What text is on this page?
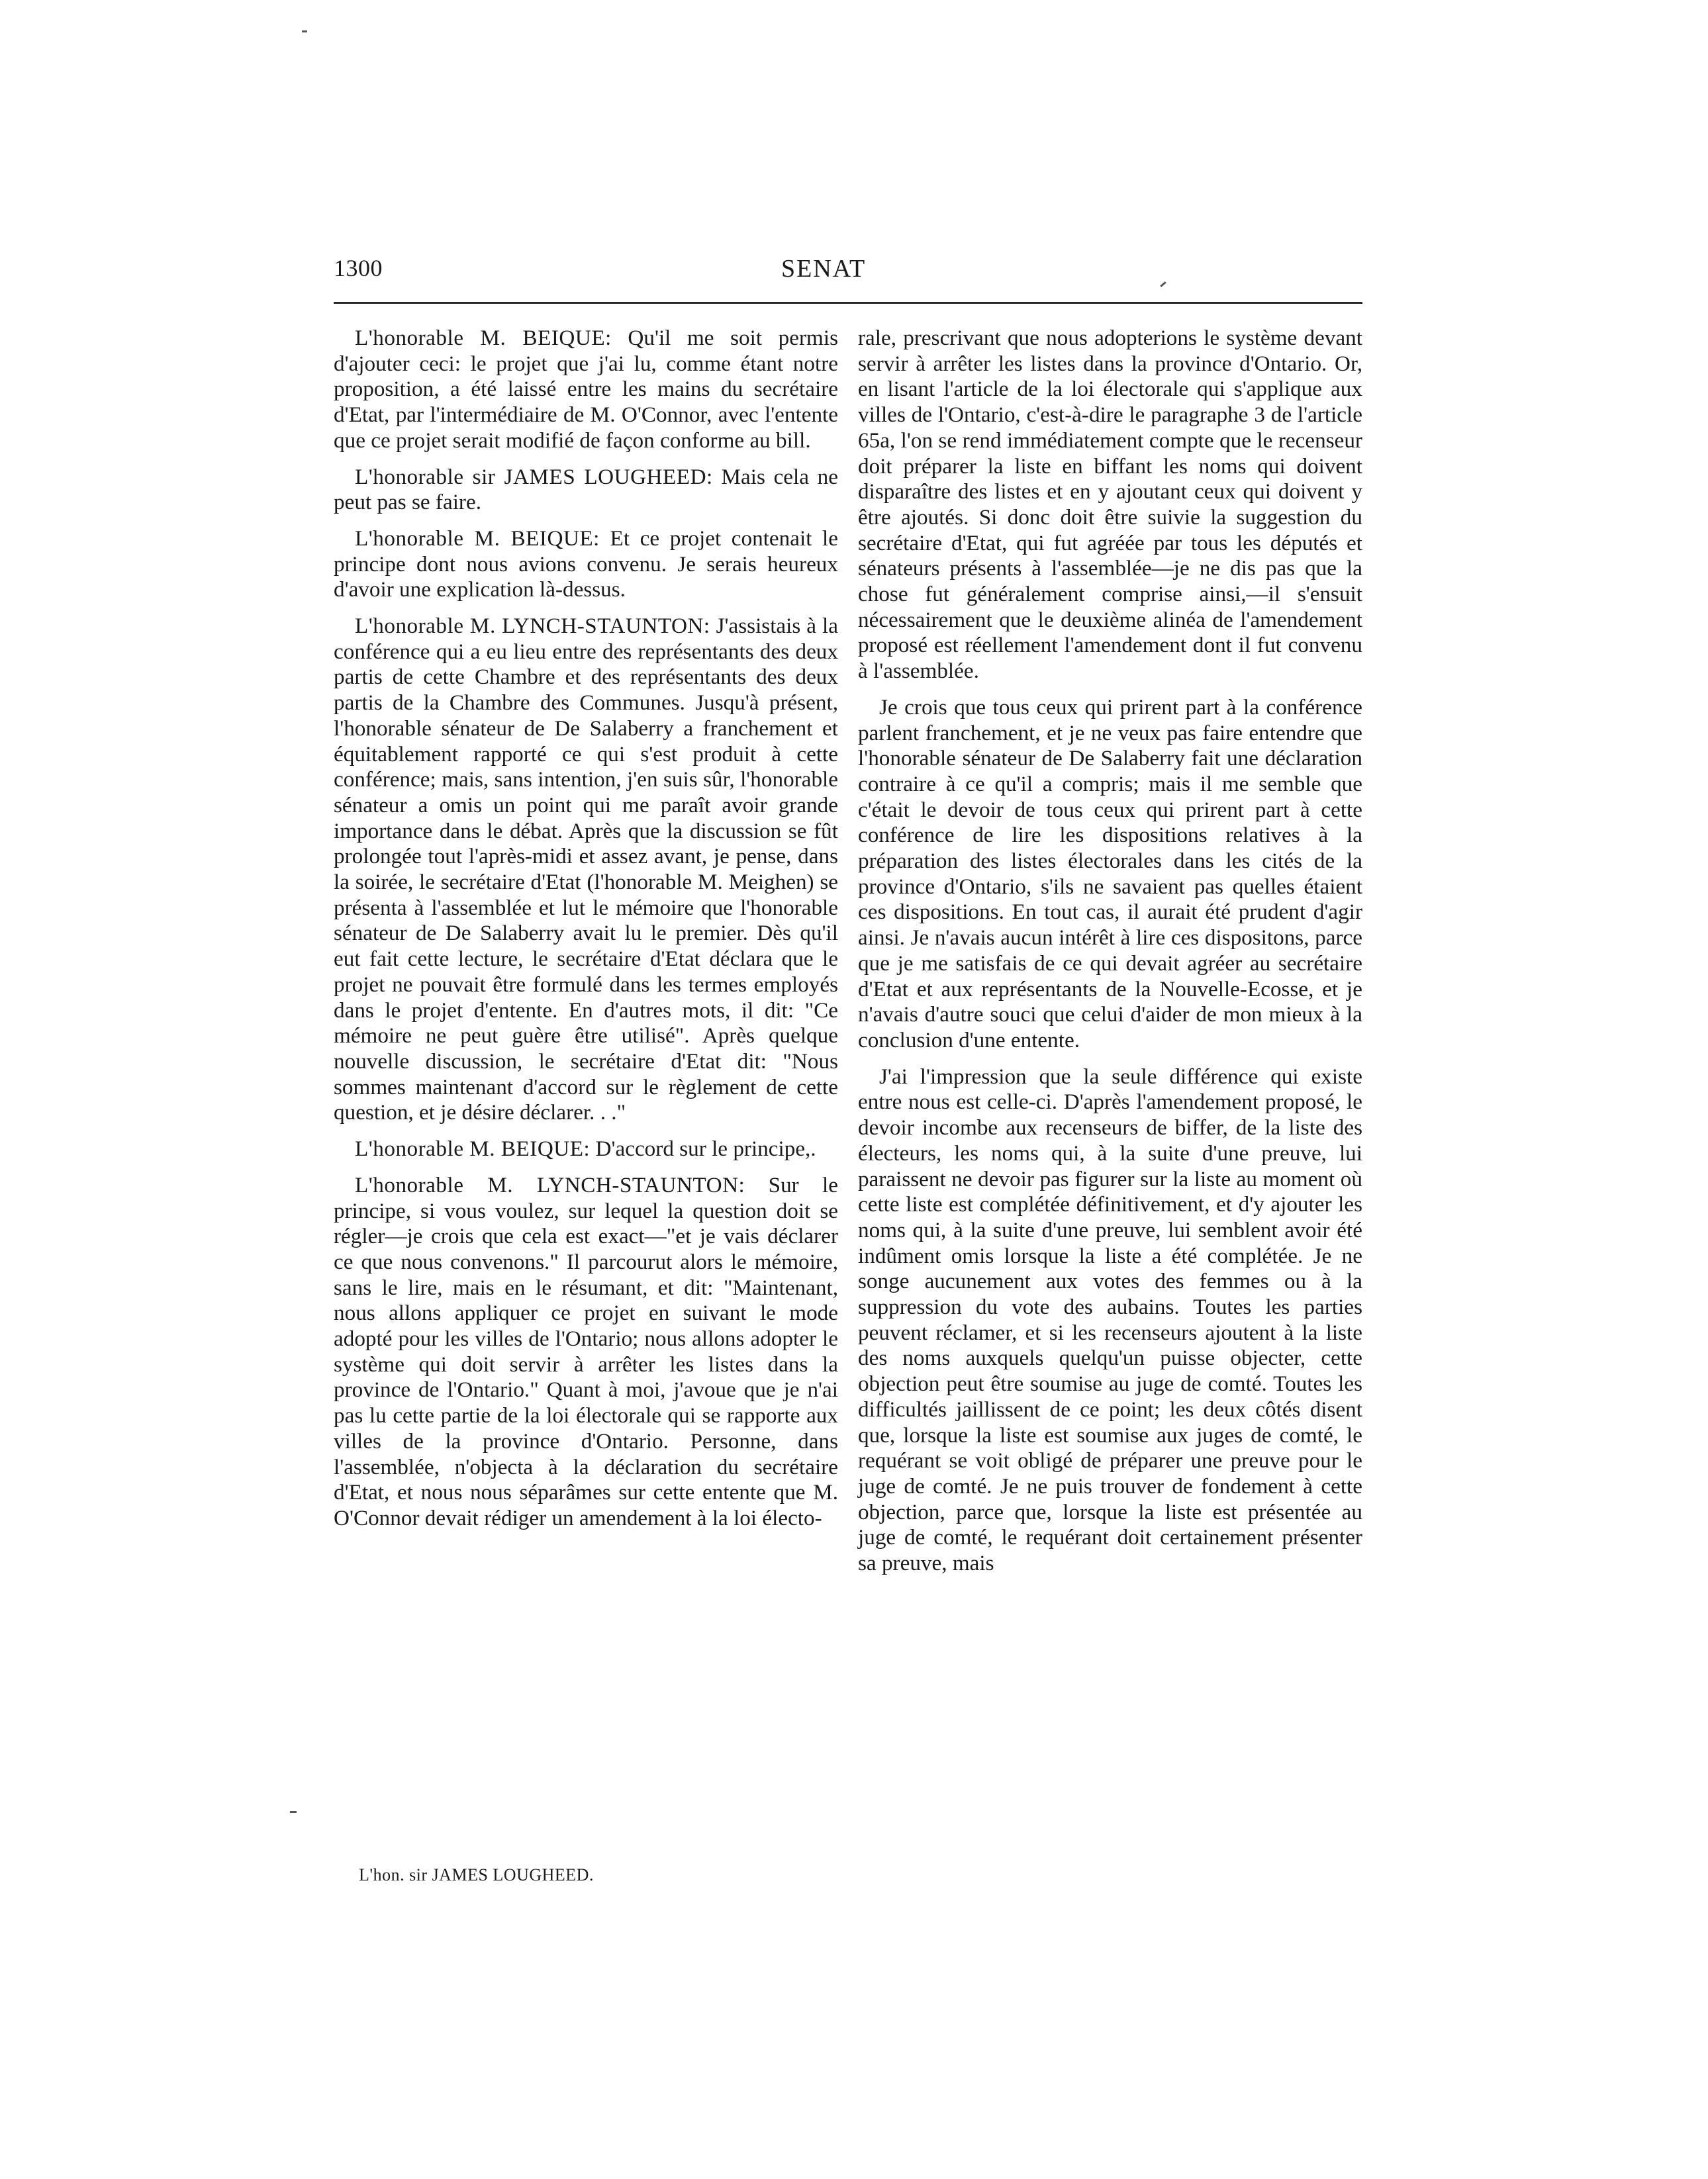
1300	SENAT

L'honorable M. BEIQUE: Qu'il me soit permis d'ajouter ceci: le projet que j'ai lu, comme étant notre proposition, a été laissé entre les mains du secrétaire d'Etat, par l'intermédiaire de M. O'Connor, avec l'entente que ce projet serait modifié de façon conforme au bill.

L'honorable sir JAMES LOUGHEED: Mais cela ne peut pas se faire.

L'honorable M. BEIQUE: Et ce projet contenait le principe dont nous avions convenu. Je serais heureux d'avoir une explication là-dessus.

L'honorable M. LYNCH-STAUNTON: J'assistais à la conférence qui a eu lieu entre des représentants des deux partis de cette Chambre et des représentants des deux partis de la Chambre des Communes. Jusqu'à présent, l'honorable sénateur de De Salaberry a franchement et équitablement rapporté ce qui s'est produit à cette conférence; mais, sans intention, j'en suis sûr, l'honorable sénateur a omis un point qui me paraît avoir grande importance dans le débat. Après que la discussion se fût prolongée tout l'après-midi et assez avant, je pense, dans la soirée, le secrétaire d'Etat (l'honorable M. Meighen) se présenta à l'assemblée et lut le mémoire que l'honorable sénateur de De Salaberry avait lu le premier. Dès qu'il eut fait cette lecture, le secrétaire d'Etat déclara que le projet ne pouvait être formulé dans les termes employés dans le projet d'entente. En d'autres mots, il dit: "Ce mémoire ne peut guère être utilisé". Après quelque nouvelle discussion, le secrétaire d'Etat dit: "Nous sommes maintenant d'accord sur le règlement de cette question, et je désire déclarer. . ."

L'honorable M. BEIQUE: D'accord sur le principe,.

L'honorable M. LYNCH-STAUNTON: Sur le principe, si vous voulez, sur lequel la question doit se régler—je crois que cela est exact—"et je vais déclarer ce que nous convenons." Il parcourut alors le mémoire, sans le lire, mais en le résumant, et dit: "Maintenant, nous allons appliquer ce projet en suivant le mode adopté pour les villes de l'Ontario; nous allons adopter le système qui doit servir à arrêter les listes dans la province de l'Ontario." Quant à moi, j'avoue que je n'ai pas lu cette partie de la loi électorale qui se rapporte aux villes de la province d'Ontario. Personne, dans l'assemblée, n'objecta à la déclaration du secrétaire d'Etat, et nous nous séparâmes sur cette entente que M. O'Connor devait rédiger un amendement à la loi électo-

rale, prescrivant que nous adopterions le système devant servir à arrêter les listes dans la province d'Ontario. Or, en lisant l'article de la loi électorale qui s'applique aux villes de l'Ontario, c'est-à-dire le paragraphe 3 de l'article 65a, l'on se rend immédiatement compte que le recenseur doit préparer la liste en biffant les noms qui doivent disparaître des listes et en y ajoutant ceux qui doivent y être ajoutés. Si donc doit être suivie la suggestion du secrétaire d'Etat, qui fut agréée par tous les députés et sénateurs présents à l'assemblée—je ne dis pas que la chose fut généralement comprise ainsi,—il s'ensuit nécessairement que le deuxième alinéa de l'amendement proposé est réellement l'amendement dont il fut convenu à l'assemblée.

Je crois que tous ceux qui prirent part à la conférence parlent franchement, et je ne veux pas faire entendre que l'honorable sénateur de De Salaberry fait une déclaration contraire à ce qu'il a compris; mais il me semble que c'était le devoir de tous ceux qui prirent part à cette conférence de lire les dispositions relatives à la préparation des listes électorales dans les cités de la province d'Ontario, s'ils ne savaient pas quelles étaient ces dispositions. En tout cas, il aurait été prudent d'agir ainsi. Je n'avais aucun intérêt à lire ces dispositons, parce que je me satisfais de ce qui devait agréer au secrétaire d'Etat et aux représentants de la Nouvelle-Ecosse, et je n'avais d'autre souci que celui d'aider de mon mieux à la conclusion d'une entente.

J'ai l'impression que la seule différence qui existe entre nous est celle-ci. D'après l'amendement proposé, le devoir incombe aux recenseurs de biffer, de la liste des électeurs, les noms qui, à la suite d'une preuve, lui paraissent ne devoir pas figurer sur la liste au moment où cette liste est complétée définitivement, et d'y ajouter les noms qui, à la suite d'une preuve, lui semblent avoir été indûment omis lorsque la liste a été complétée. Je ne songe aucunement aux votes des femmes ou à la suppression du vote des aubains. Toutes les parties peuvent réclamer, et si les recenseurs ajoutent à la liste des noms auxquels quelqu'un puisse objecter, cette objection peut être soumise au juge de comté. Toutes les difficultés jaillissent de ce point; les deux côtés disent que, lorsque la liste est soumise aux juges de comté, le requérant se voit obligé de préparer une preuve pour le juge de comté. Je ne puis trouver de fondement à cette objection, parce que, lorsque la liste est présentée au juge de comté, le requérant doit certainement présenter sa preuve, mais

L'hon. sir JAMES LOUGHEED.
